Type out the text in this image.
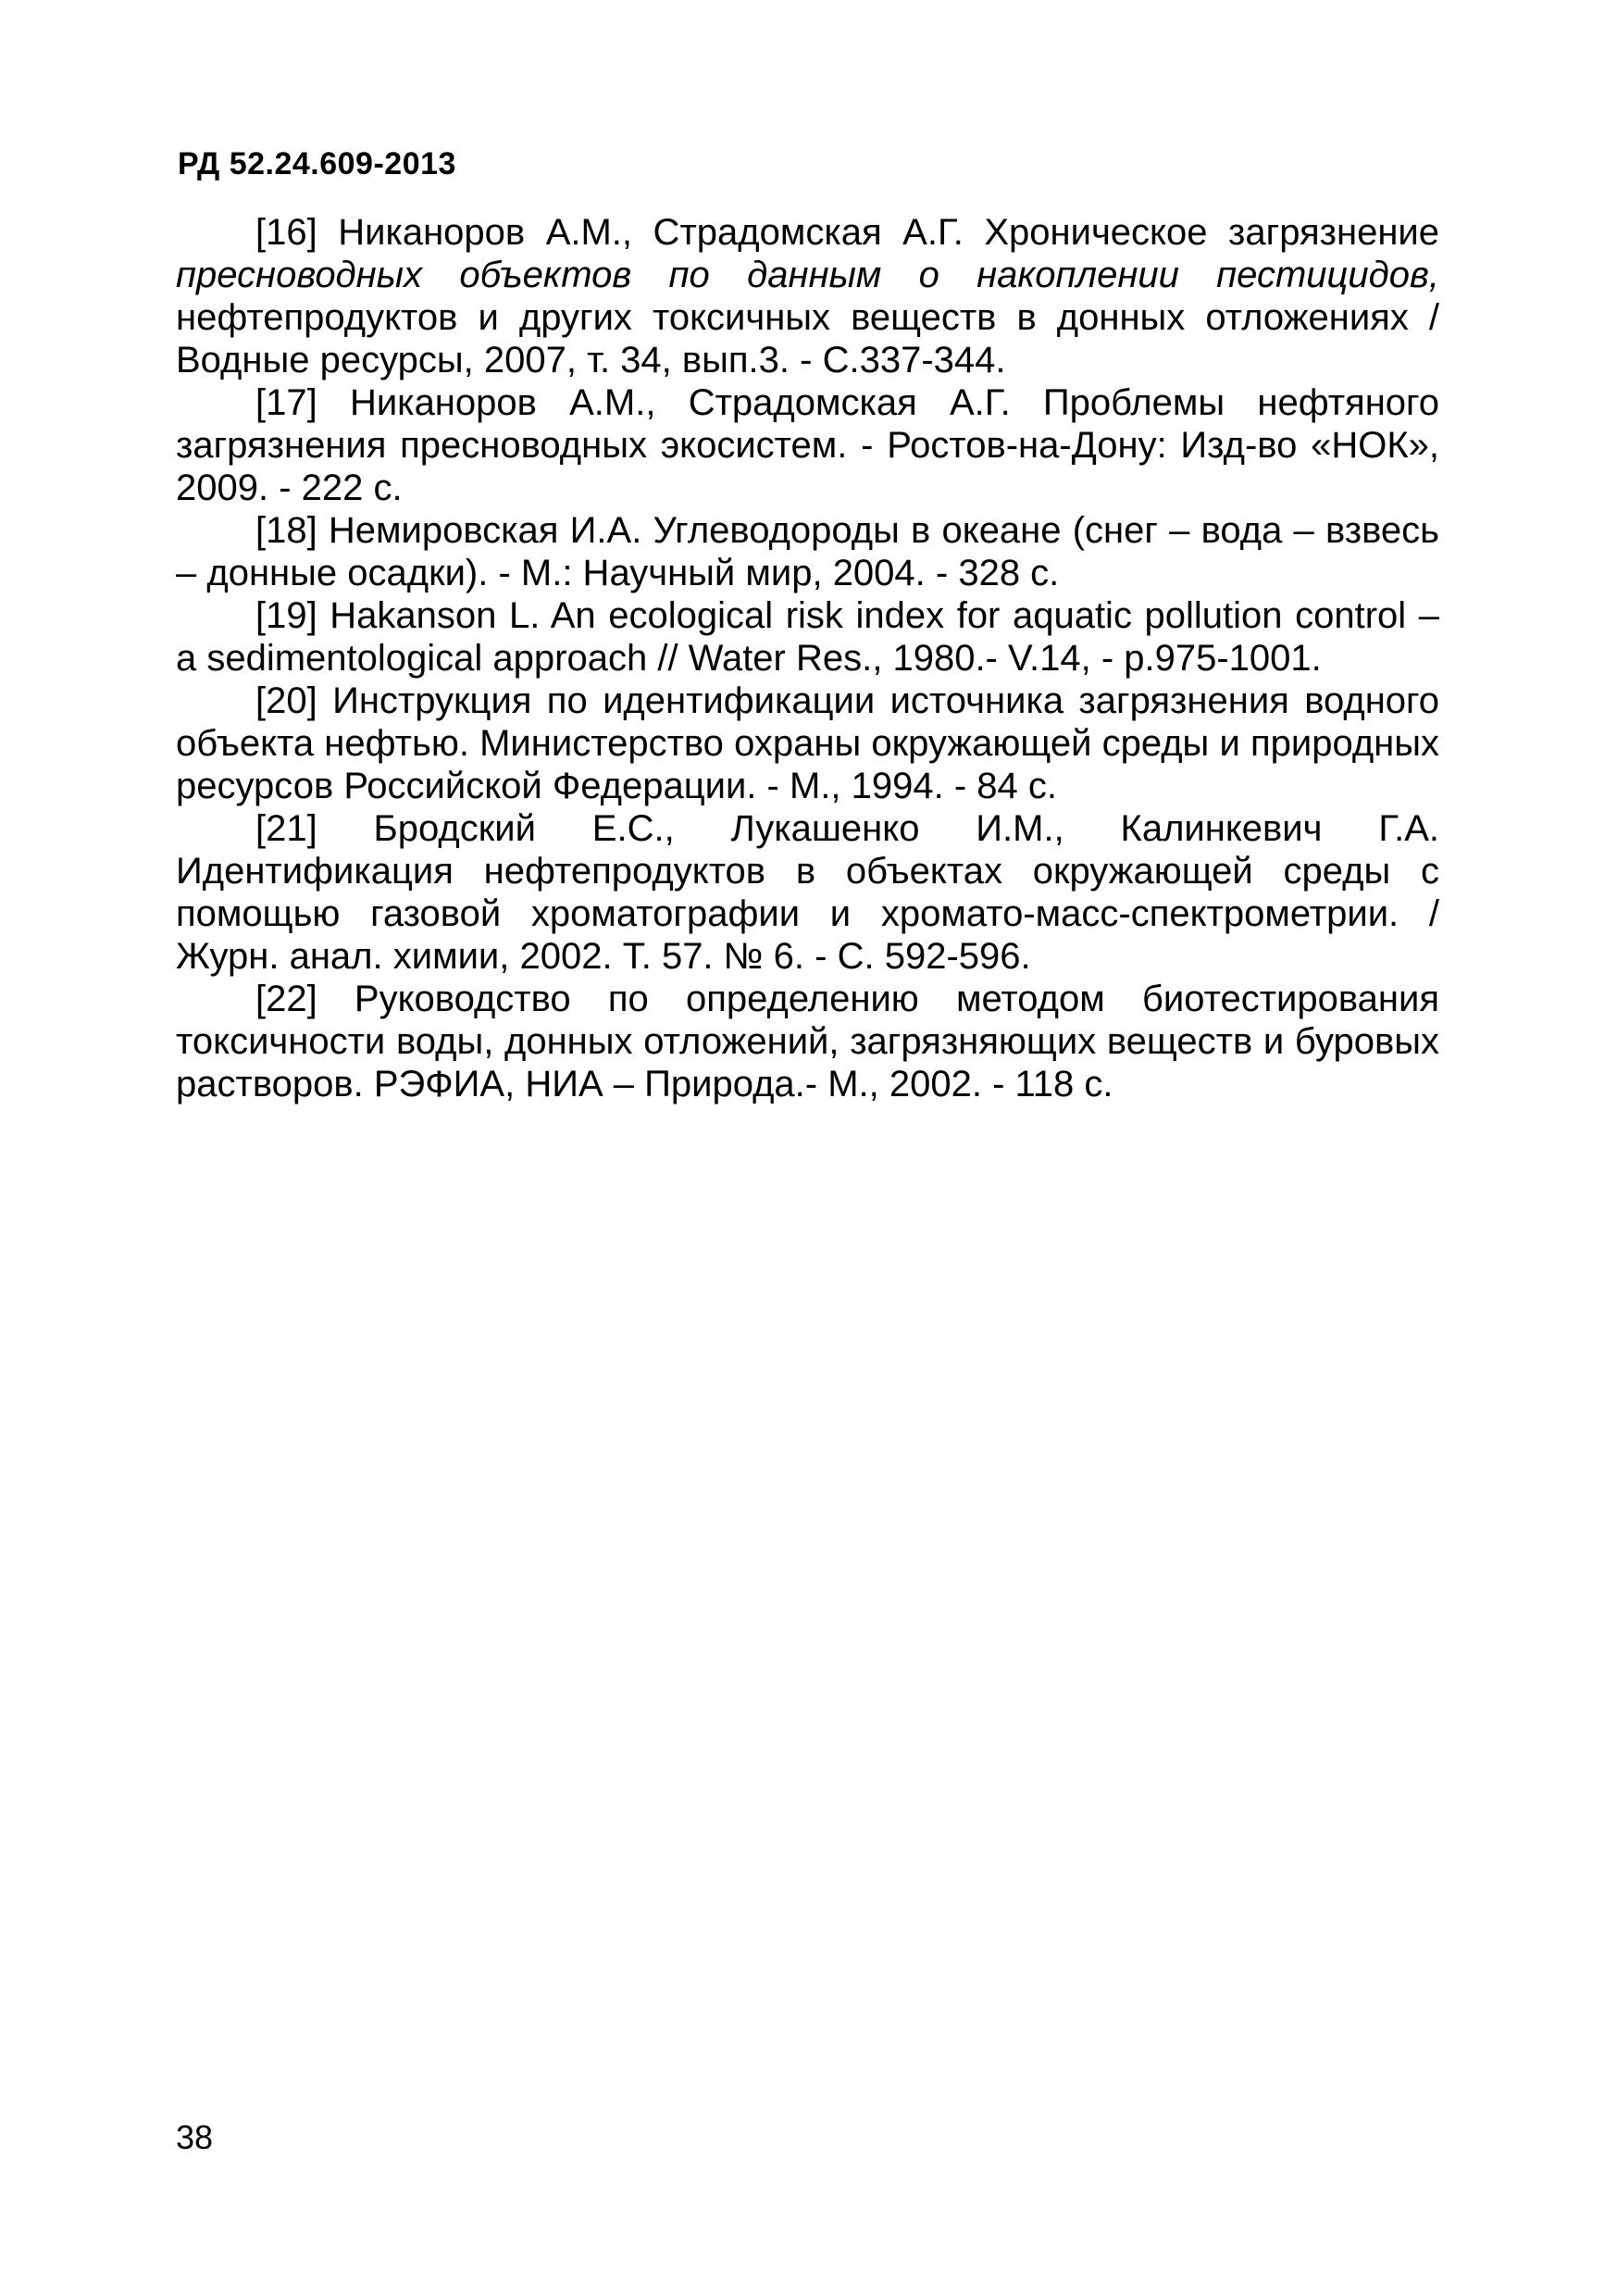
РД 52.24.609-2013

[16] Никаноров А.М., Страдомская А.Г. Хроническое загрязнение пресноводных объектов по данным о накоплении пестицидов, нефтепродуктов и других токсичных веществ в донных отложениях / Водные ресурсы, 2007, т. 34, вып.3. - С.337-344.

[17] Никаноров А.М., Страдомская А.Г. Проблемы нефтяного загрязнения пресноводных экосистем. - Ростов-на-Дону: Изд-во «НОК», 2009. - 222 с.

[18] Немировская И.А. Углеводороды в океане (снег – вода – взвесь – донные осадки). - М.: Научный мир, 2004. - 328 с.

[19] Hakanson L. An ecological risk index for aquatic pollution control – a sedimentological approach // Water Res., 1980.- V.14, - p.975-1001.

[20] Инструкция по идентификации источника загрязнения водного объекта нефтью. Министерство охраны окружающей среды и природных ресурсов Российской Федерации. - М., 1994. - 84 с.

[21] Бродский Е.С., Лукашенко И.М., Калинкевич Г.А. Идентификация нефтепродуктов в объектах окружающей среды с помощью газовой хроматографии и хромато-масс-спектрометрии. / Журн. анал. химии, 2002. Т. 57. № 6. - С. 592-596.

[22] Руководство по определению методом биотестирования токсичности воды, донных отложений, загрязняющих веществ и буровых растворов. РЭФИА, НИА – Природа.- М., 2002. - 118 с.

38
